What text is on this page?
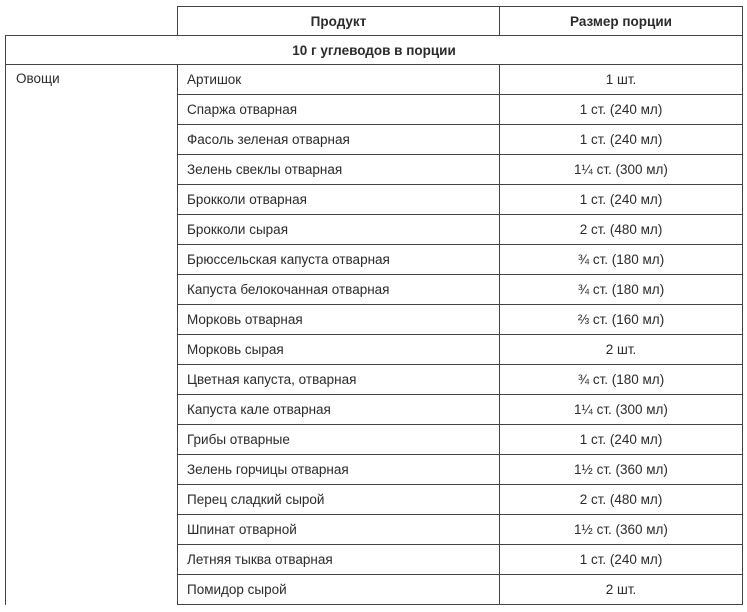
	Продукт	Размер порции
10 г углеводов в порции		
Овощи	Артишок	1 шт.
	Спаржа отварная	1 ст. (240 мл)
	Фасоль зеленая отварная	1 ст. (240 мл)
	Зелень свеклы отварная	1¼ ст. (300 мл)
	Брокколи отварная	1 ст. (240 мл)
	Брокколи сырая	2 ст. (480 мл)
	Брюссельская капуста отварная	¾ ст. (180 мл)
	Капуста белокочанная отварная	¾ ст. (180 мл)
	Морковь отварная	⅔ ст. (160 мл)
	Морковь сырая	2 шт.
	Цветная капуста, отварная	¾ ст. (180 мл)
	Капуста кале отварная	1¼ ст. (300 мл)
	Грибы отварные	1 ст. (240 мл)
	Зелень горчицы отварная	1½ ст. (360 мл)
	Перец сладкий сырой	2 ст. (480 мл)
	Шпинат отварной	1½ ст. (360 мл)
	Летняя тыква отварная	1 ст. (240 мл)
	Помидор сырой	2 шт.
